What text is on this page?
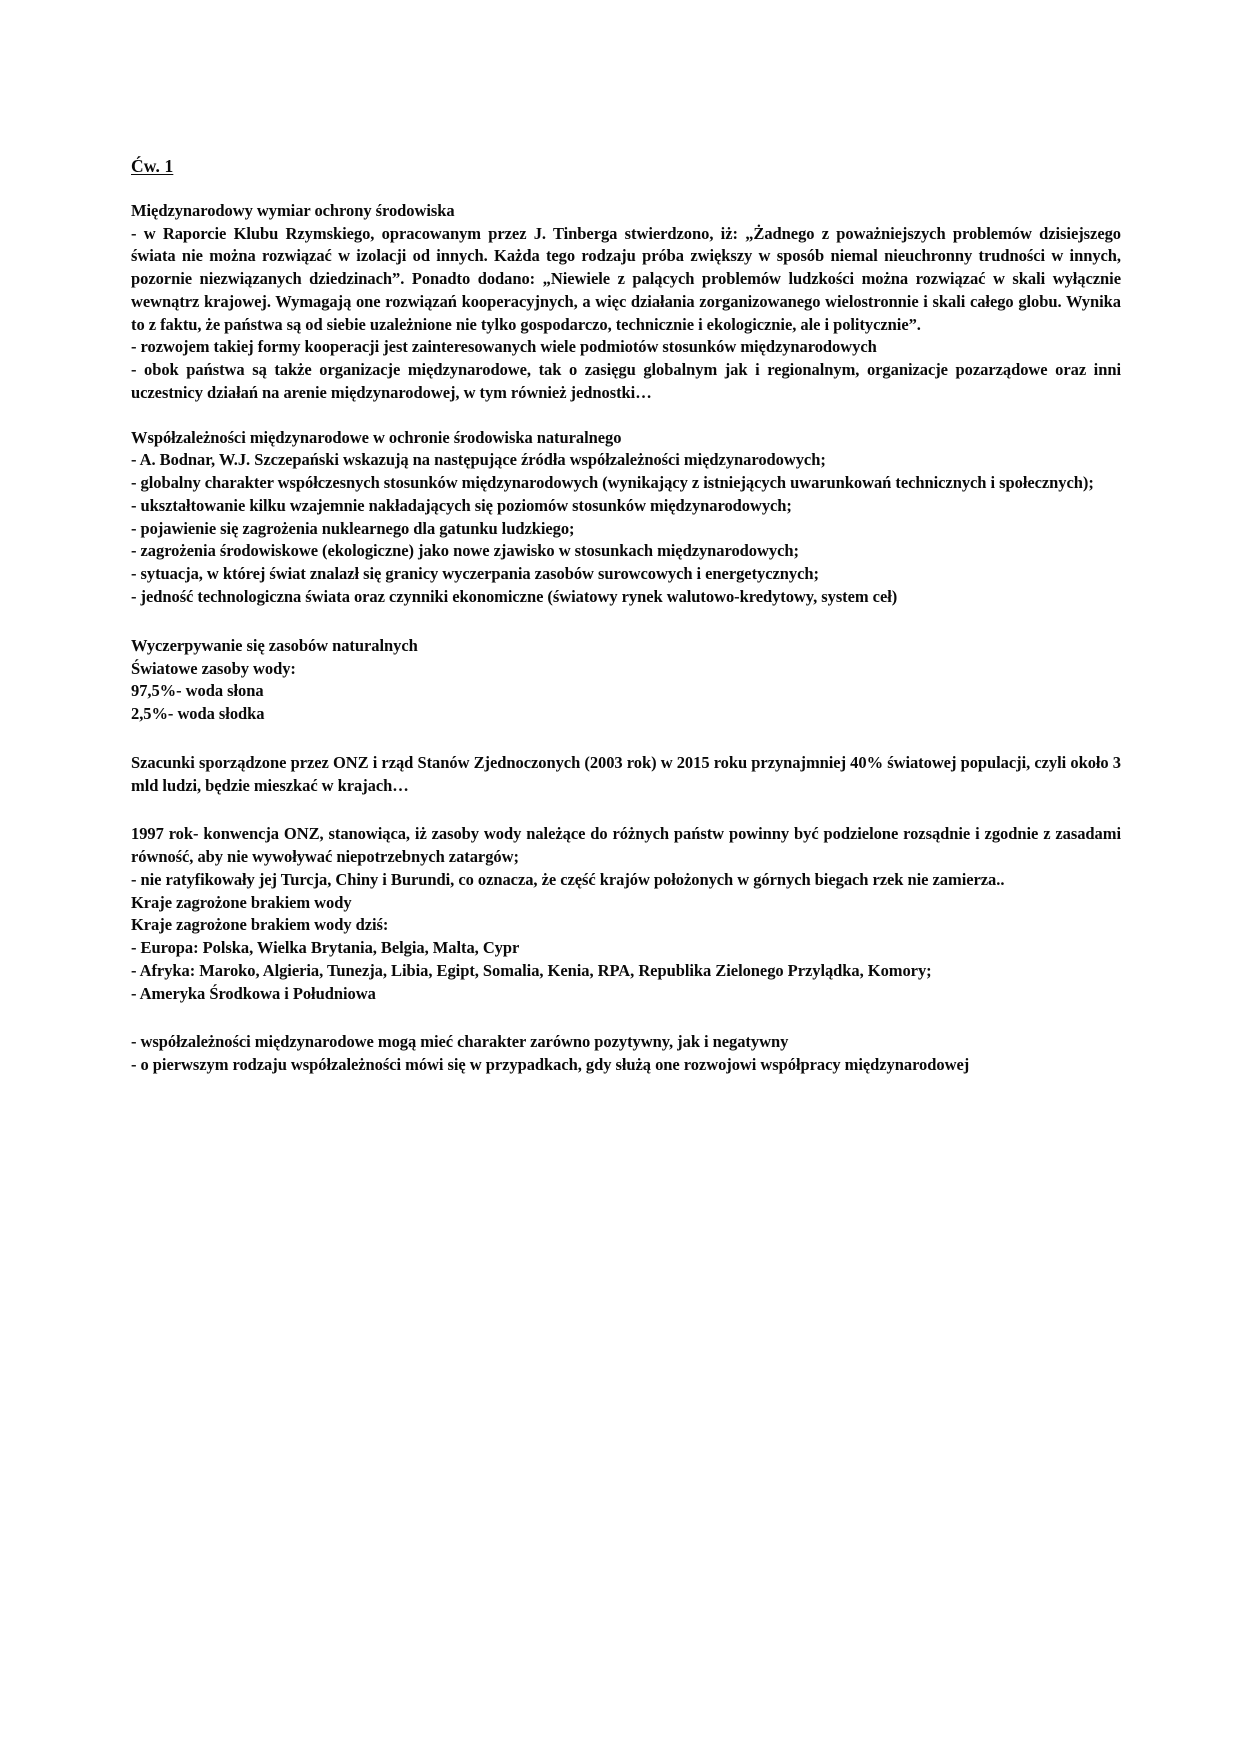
Ćw. 1

Międzynarodowy wymiar ochrony środowiska

- w Raporcie Klubu Rzymskiego, opracowanym przez J. Tinberga stwierdzono, iż: „Żadnego z poważniejszych problemów dzisiejszego świata nie można rozwiązać w izolacji od innych. Każda tego rodzaju próba zwiększy w sposób niemal nieuchronny trudności w innych, pozornie niezwiązanych dziedzinach”. Ponadto dodano: „Niewiele z palących problemów ludzkości można rozwiązać w skali wyłącznie wewnątrz krajowej. Wymagają one rozwiązań kooperacyjnych, a więc działania zorganizowanego wielostronnie i skali całego globu. Wynika to z faktu, że państwa są od siebie uzależnione nie tylko gospodarczo, technicznie i ekologicznie, ale i politycznie”.

- rozwojem takiej formy kooperacji jest zainteresowanych wiele podmiotów stosunków międzynarodowych

- obok państwa są także organizacje międzynarodowe, tak o zasięgu globalnym jak i regionalnym, organizacje pozarządowe oraz inni uczestnicy działań na arenie międzynarodowej, w tym również jednostki…

Współzależności międzynarodowe w ochronie środowiska naturalnego

- A. Bodnar, W.J. Szczepański wskazują na następujące źródła współzależności międzynarodowych;

- globalny charakter współczesnych stosunków międzynarodowych (wynikający z istniejących uwarunkowań technicznych i społecznych);

- ukształtowanie kilku wzajemnie nakładających się poziomów stosunków międzynarodowych;

- pojawienie się zagrożenia nuklearnego dla gatunku ludzkiego;

- zagrożenia środowiskowe (ekologiczne) jako nowe zjawisko w stosunkach międzynarodowych;

- sytuacja, w której świat znalazł się granicy wyczerpania zasobów surowcowych i energetycznych;

- jedność technologiczna świata oraz czynniki ekonomiczne (światowy rynek walutowo-kredytowy, system ceł)

Wyczerpywanie się zasobów naturalnych

Światowe zasoby wody:

97,5%- woda słona

2,5%- woda słodka

Szacunki sporządzone przez ONZ i rząd Stanów Zjednoczonych (2003 rok) w 2015 roku przynajmniej 40% światowej populacji, czyli około 3 mld ludzi, będzie mieszkać w krajach…

1997 rok- konwencja ONZ, stanowiąca, iż zasoby wody należące do różnych państw powinny być podzielone rozsądnie i zgodnie z zasadami równość, aby nie wywoływać niepotrzebnych zatargów;

- nie ratyfikowały jej Turcja, Chiny i Burundi, co oznacza, że część krajów położonych w górnych biegach rzek nie zamierza..

Kraje zagrożone brakiem wody

Kraje zagrożone brakiem wody dziś:

- Europa: Polska, Wielka Brytania, Belgia, Malta, Cypr

- Afryka: Maroko, Algieria, Tunezja, Libia, Egipt, Somalia, Kenia, RPA, Republika Zielonego Przylądka, Komory;

- Ameryka Środkowa i Południowa

- współzależności międzynarodowe mogą mieć charakter zarówno pozytywny, jak i negatywny

- o pierwszym rodzaju współzależności mówi się w przypadkach, gdy służą one rozwojowi współpracy międzynarodowej
